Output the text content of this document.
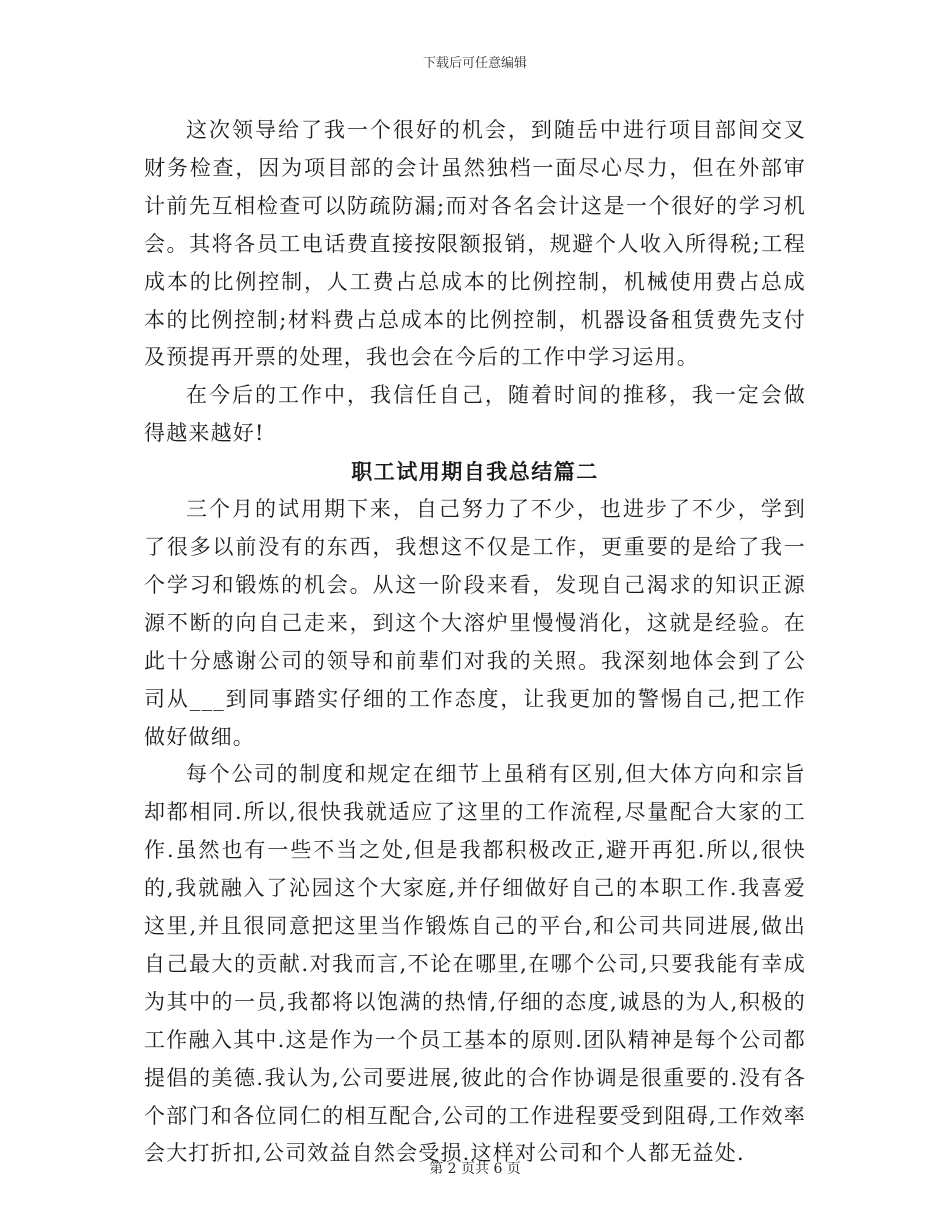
下载后可任意编辑

这次领导给了我一个很好的机会，到随岳中进行项目部间交叉财务检查，因为项目部的会计虽然独档一面尽心尽力，但在外部审计前先互相检查可以防疏防漏;而对各名会计这是一个很好的学习机会。其将各员工电话费直接按限额报销，规避个人收入所得税;工程成本的比例控制，人工费占总成本的比例控制，机械使用费占总成本的比例控制;材料费占总成本的比例控制，机器设备租赁费先支付及预提再开票的处理，我也会在今后的工作中学习运用。

在今后的工作中，我信任自己，随着时间的推移，我一定会做得越来越好!

职工试用期自我总结篇二

三个月的试用期下来，自己努力了不少，也进步了不少，学到了很多以前没有的东西，我想这不仅是工作，更重要的是给了我一个学习和锻炼的机会。从这一阶段来看，发现自己渴求的知识正源源不断的向自己走来，到这个大溶炉里慢慢消化，这就是经验。在此十分感谢公司的领导和前辈们对我的关照。我深刻地体会到了公司从___到同事踏实仔细的工作态度，让我更加的警惕自己,把工作做好做细。

每个公司的制度和规定在细节上虽稍有区别,但大体方向和宗旨却都相同.所以,很快我就适应了这里的工作流程,尽量配合大家的工作.虽然也有一些不当之处,但是我都积极改正,避开再犯.所以,很快的,我就融入了沁园这个大家庭,并仔细做好自己的本职工作.我喜爱这里,并且很同意把这里当作锻炼自己的平台,和公司共同进展,做出自己最大的贡献.对我而言,不论在哪里,在哪个公司,只要我能有幸成为其中的一员,我都将以饱满的热情,仔细的态度,诚恳的为人,积极的工作融入其中.这是作为一个员工基本的原则.团队精神是每个公司都提倡的美德.我认为,公司要进展,彼此的合作协调是很重要的.没有各个部门和各位同仁的相互配合,公司的工作进程要受到阻碍,工作效率会大打折扣,公司效益自然会受损.这样对公司和个人都无益处.

第 2 页共 6 页
